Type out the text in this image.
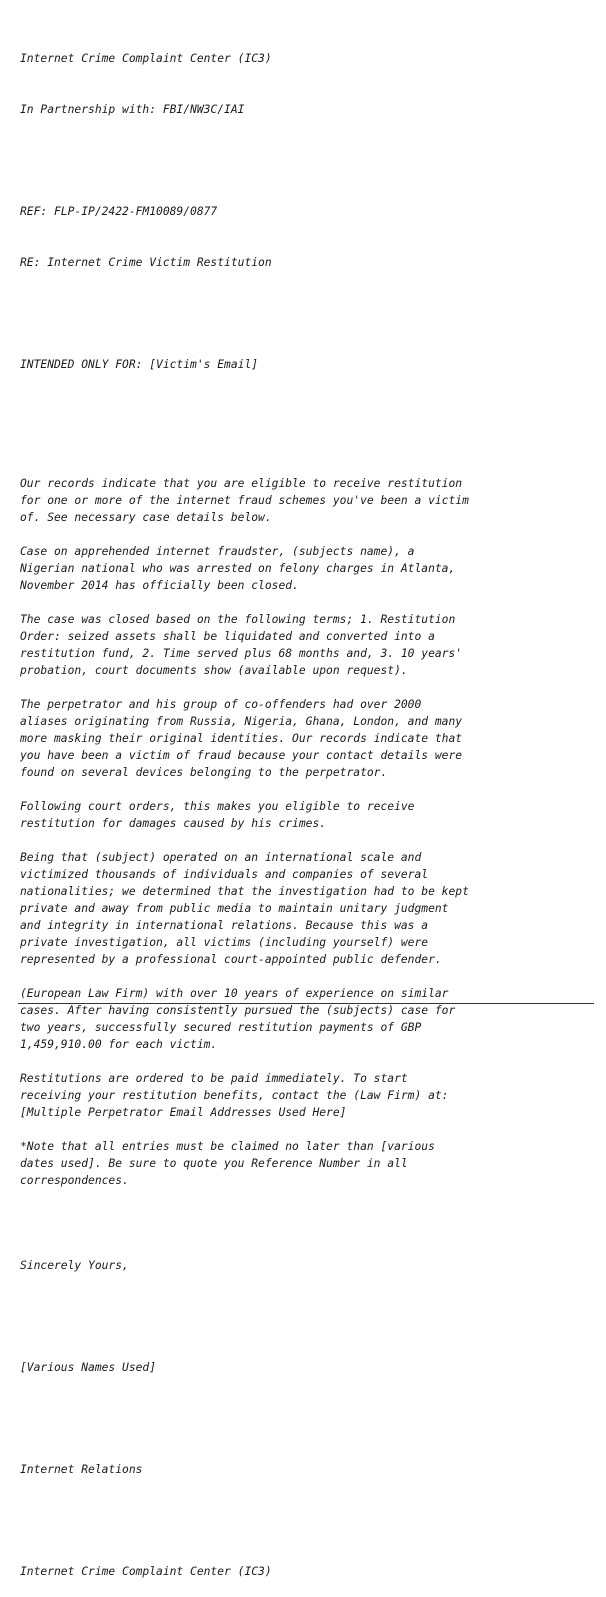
Internet Crime Complaint Center (IC3)

In Partnership with: FBI/NW3C/IAI

REF: FLP-IP/2422-FM10089/0877

RE: Internet Crime Victim Restitution

INTENDED ONLY FOR: [Victim's Email]

Our records indicate that you are eligible to receive restitution
for one or more of the internet fraud schemes you've been a victim
of. See necessary case details below.
Case on apprehended internet fraudster, (subjects name), a
Nigerian national who was arrested on felony charges in Atlanta,
November 2014 has officially been closed.
The case was closed based on the following terms; 1. Restitution
Order: seized assets shall be liquidated and converted into a
restitution fund, 2. Time served plus 68 months and, 3. 10 years'
probation, court documents show (available upon request).
The perpetrator and his group of co-offenders had over 2000
aliases originating from Russia, Nigeria, Ghana, London, and many
more masking their original identities. Our records indicate that
you have been a victim of fraud because your contact details were
found on several devices belonging to the perpetrator.
Following court orders, this makes you eligible to receive
restitution for damages caused by his crimes.
Being that (subject) operated on an international scale and
victimized thousands of individuals and companies of several
nationalities; we determined that the investigation had to be kept
private and away from public media to maintain unitary judgment
and integrity in international relations. Because this was a
private investigation, all victims (including yourself) were
represented by a professional court-appointed public defender.
(European Law Firm) with over 10 years of experience on similar
cases. After having consistently pursued the (subjects) case for
two years, successfully secured restitution payments of GBP
1,459,910.00 for each victim.
Restitutions are ordered to be paid immediately. To start
receiving your restitution benefits, contact the (Law Firm) at:
[Multiple Perpetrator Email Addresses Used Here]
*Note that all entries must be claimed no later than [various
dates used]. Be sure to quote you Reference Number in all
correspondences.

Sincerely Yours,

[Various Names Used]

Internet Relations

Internet Crime Complaint Center (IC3)
